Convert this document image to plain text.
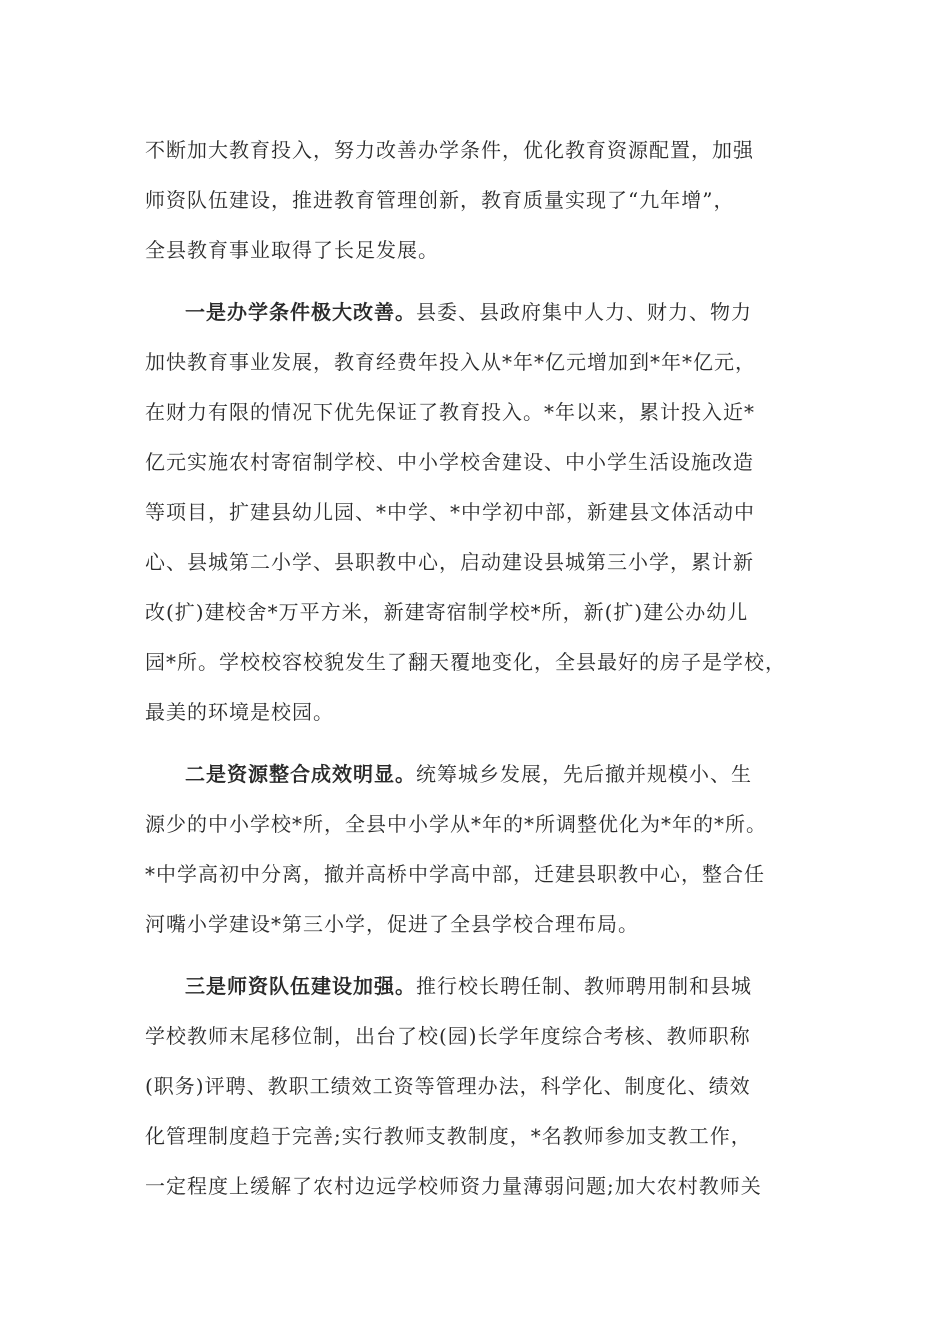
不断加大教育投入，努力改善办学条件，优化教育资源配置，加强
师资队伍建设，推进教育管理创新，教育质量实现了“九年增”，
全县教育事业取得了长足发展。
一是办学条件极大改善。县委、县政府集中人力、财力、物力
加快教育事业发展，教育经费年投入从*年*亿元增加到*年*亿元，
在财力有限的情况下优先保证了教育投入。*年以来，累计投入近*
亿元实施农村寄宿制学校、中小学校舍建设、中小学生活设施改造
等项目，扩建县幼儿园、*中学、*中学初中部，新建县文体活动中
心、县城第二小学、县职教中心，启动建设县城第三小学，累计新
改(扩)建校舍*万平方米，新建寄宿制学校*所，新(扩)建公办幼儿
园*所。学校校容校貌发生了翻天覆地变化，全县最好的房子是学校，
最美的环境是校园。
二是资源整合成效明显。统筹城乡发展，先后撤并规模小、生
源少的中小学校*所，全县中小学从*年的*所调整优化为*年的*所。
*中学高初中分离，撤并高桥中学高中部，迁建县职教中心，整合任
河嘴小学建设*第三小学，促进了全县学校合理布局。
三是师资队伍建设加强。推行校长聘任制、教师聘用制和县城
学校教师末尾移位制，出台了校(园)长学年度综合考核、教师职称
(职务)评聘、教职工绩效工资等管理办法，科学化、制度化、绩效
化管理制度趋于完善;实行教师支教制度，*名教师参加支教工作，
一定程度上缓解了农村边远学校师资力量薄弱问题;加大农村教师关
